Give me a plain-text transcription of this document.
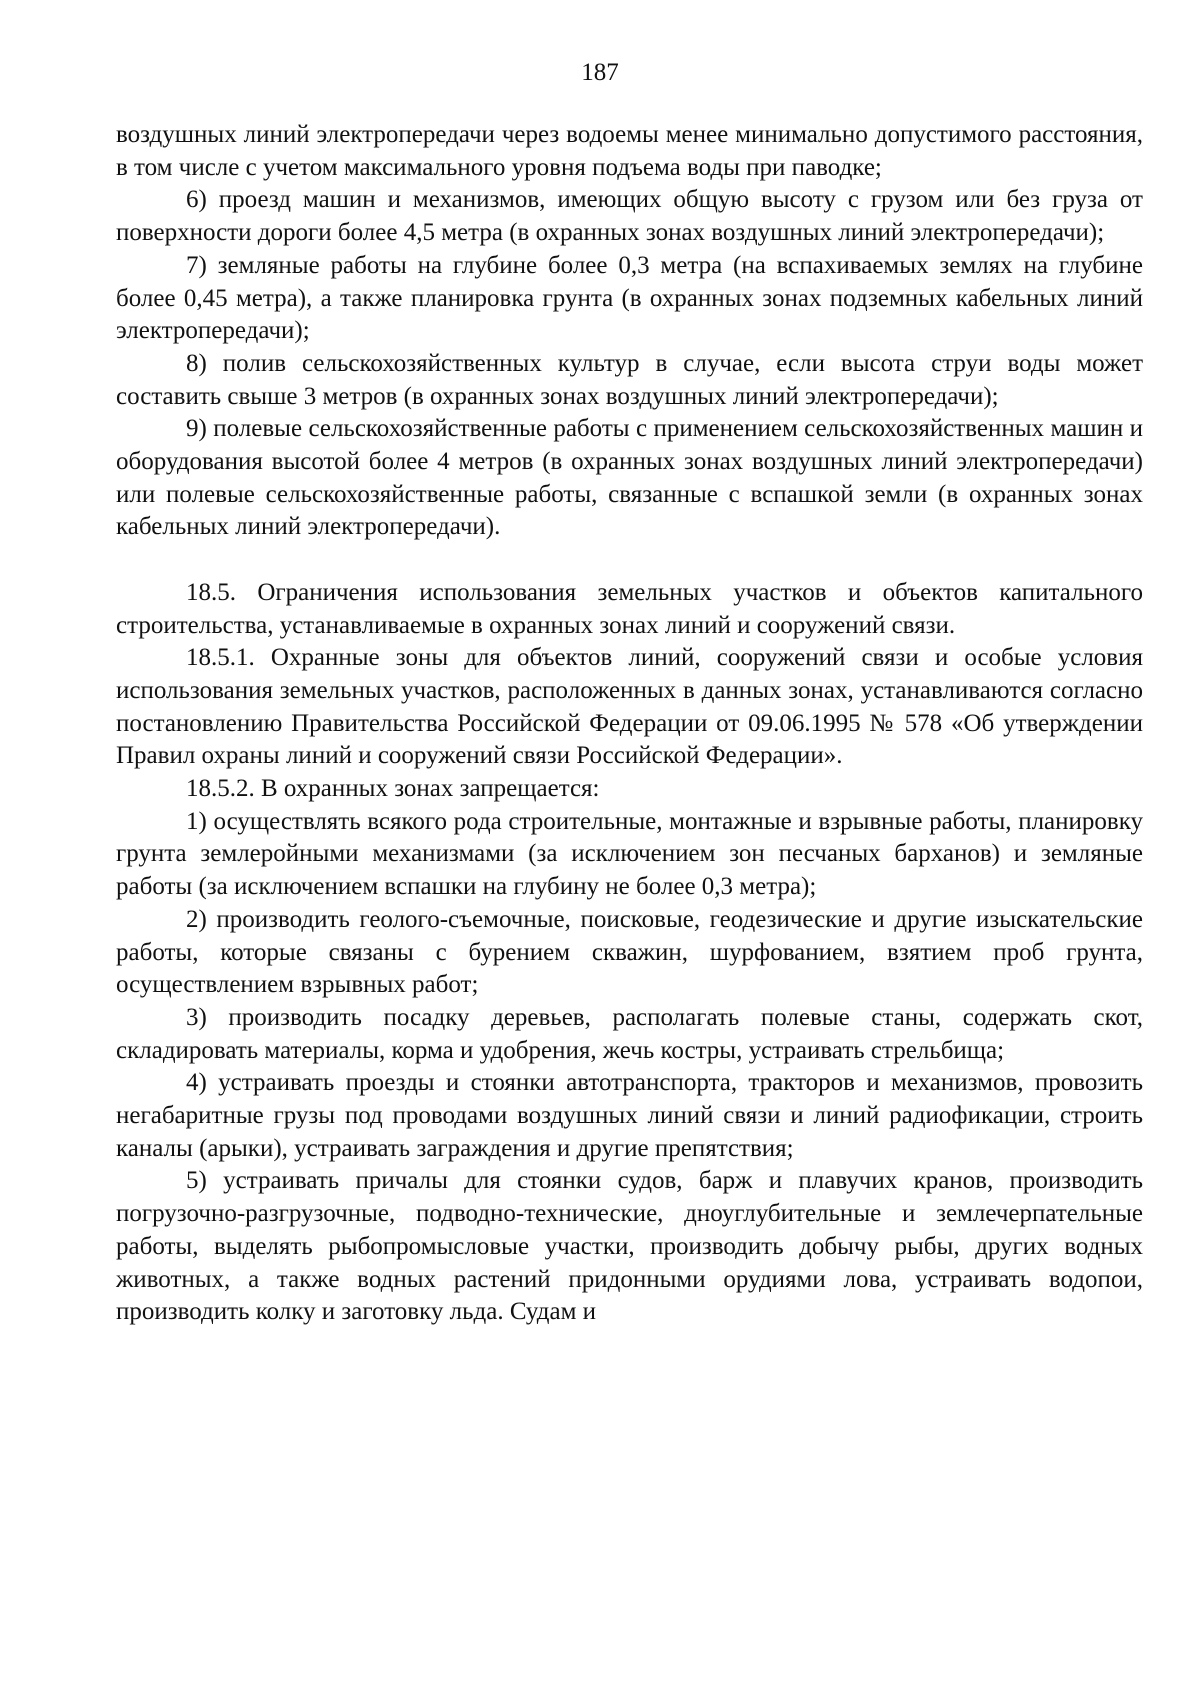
187

воздушных линий электропередачи через водоемы менее минимально допустимого расстояния, в том числе с учетом максимального уровня подъема воды при паводке;

6) проезд машин и механизмов, имеющих общую высоту с грузом или без груза от поверхности дороги более 4,5 метра (в охранных зонах воздушных линий электропередачи);

7) земляные работы на глубине более 0,3 метра (на вспахиваемых землях на глубине более 0,45 метра), а также планировка грунта (в охранных зонах подземных кабельных линий электропередачи);

8) полив сельскохозяйственных культур в случае, если высота струи воды может составить свыше 3 метров (в охранных зонах воздушных линий электропередачи);

9) полевые сельскохозяйственные работы с применением сельскохозяйственных машин и оборудования высотой более 4 метров (в охранных зонах воздушных линий электропередачи) или полевые сельскохозяйственные работы, связанные с вспашкой земли (в охранных зонах кабельных линий электропередачи).

18.5. Ограничения использования земельных участков и объектов капитального строительства, устанавливаемые в охранных зонах линий и сооружений связи.

18.5.1. Охранные зоны для объектов линий, сооружений связи и особые условия использования земельных участков, расположенных в данных зонах, устанавливаются согласно постановлению Правительства Российской Федерации от 09.06.1995 № 578 «Об утверждении Правил охраны линий и сооружений связи Российской Федерации».

18.5.2. В охранных зонах запрещается:

1) осуществлять всякого рода строительные, монтажные и взрывные работы, планировку грунта землеройными механизмами (за исключением зон песчаных барханов) и земляные работы (за исключением вспашки на глубину не более 0,3 метра);

2) производить геолого-съемочные, поисковые, геодезические и другие изыскательские работы, которые связаны с бурением скважин, шурфованием, взятием проб грунта, осуществлением взрывных работ;

3) производить посадку деревьев, располагать полевые станы, содержать скот, складировать материалы, корма и удобрения, жечь костры, устраивать стрельбища;

4) устраивать проезды и стоянки автотранспорта, тракторов и механизмов, провозить негабаритные грузы под проводами воздушных линий связи и линий радиофикации, строить каналы (арыки), устраивать заграждения и другие препятствия;

5) устраивать причалы для стоянки судов, барж и плавучих кранов, производить погрузочно-разгрузочные, подводно-технические, дноуглубительные и землечерпательные работы, выделять рыбопромысловые участки, производить добычу рыбы, других водных животных, а также водных растений придонными орудиями лова, устраивать водопои, производить колку и заготовку льда. Судам и
